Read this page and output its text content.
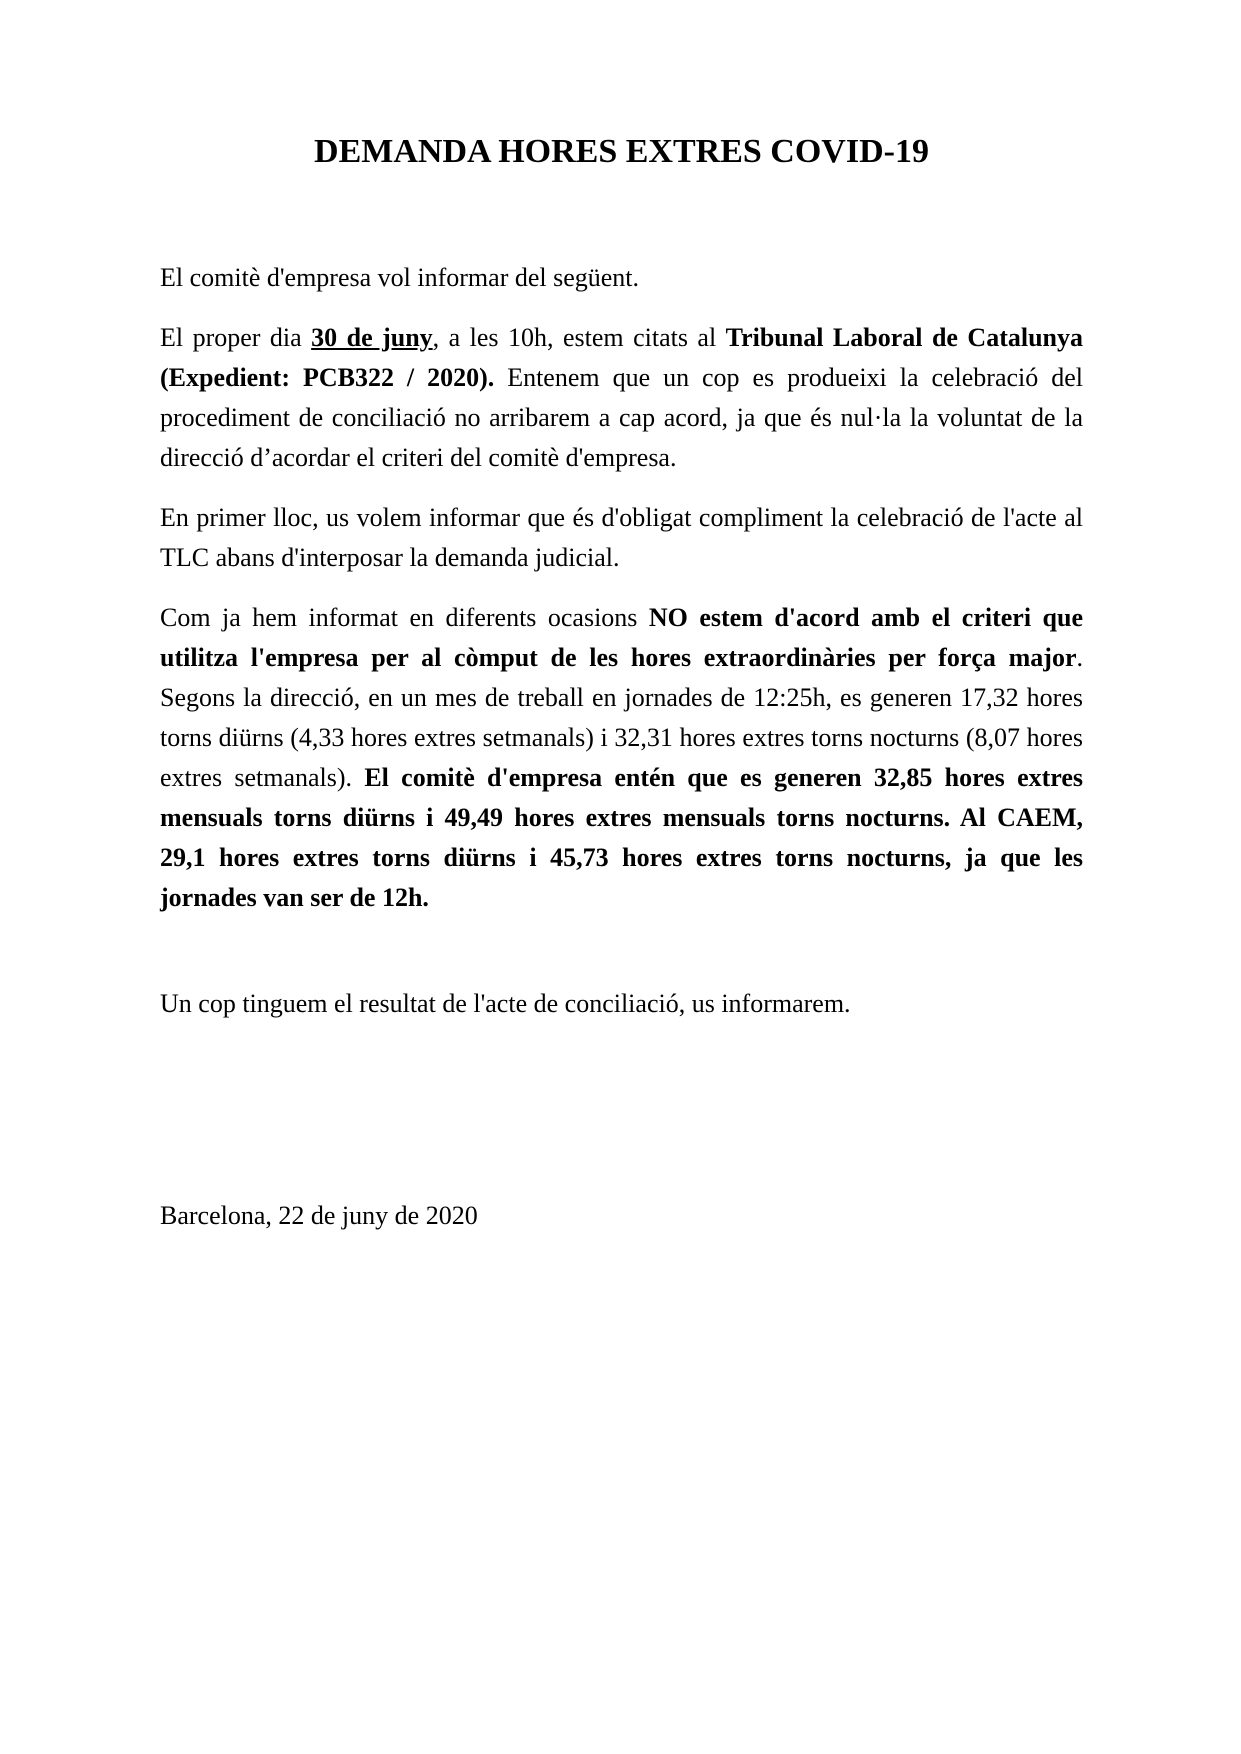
DEMANDA HORES EXTRES COVID-19

El comitè d'empresa vol informar del següent.

El proper dia 30 de juny, a les 10h, estem citats al Tribunal Laboral de Catalunya (Expedient: PCB322 / 2020). Entenem que un cop es produeixi la celebració del procediment de conciliació no arribarem a cap acord, ja que és nul·la la voluntat de la direcció d’acordar el criteri del comitè d'empresa.

En primer lloc, us volem informar que és d'obligat compliment la celebració de l'acte al TLC abans d'interposar la demanda judicial.

Com ja hem informat en diferents ocasions NO estem d'acord amb el criteri que utilitza l'empresa per al còmput de les hores extraordinàries per força major. Segons la direcció, en un mes de treball en jornades de 12:25h, es generen 17,32 hores torns diürns (4,33 hores extres setmanals) i 32,31 hores extres torns nocturns (8,07 hores extres setmanals). El comitè d'empresa entén que es generen 32,85 hores extres mensuals torns diürns i 49,49 hores extres mensuals torns nocturns. Al CAEM, 29,1 hores extres torns diürns i 45,73 hores extres torns nocturns, ja que les jornades van ser de 12h.

Un cop tinguem el resultat de l'acte de conciliació, us informarem.

Barcelona, 22 de juny de 2020
